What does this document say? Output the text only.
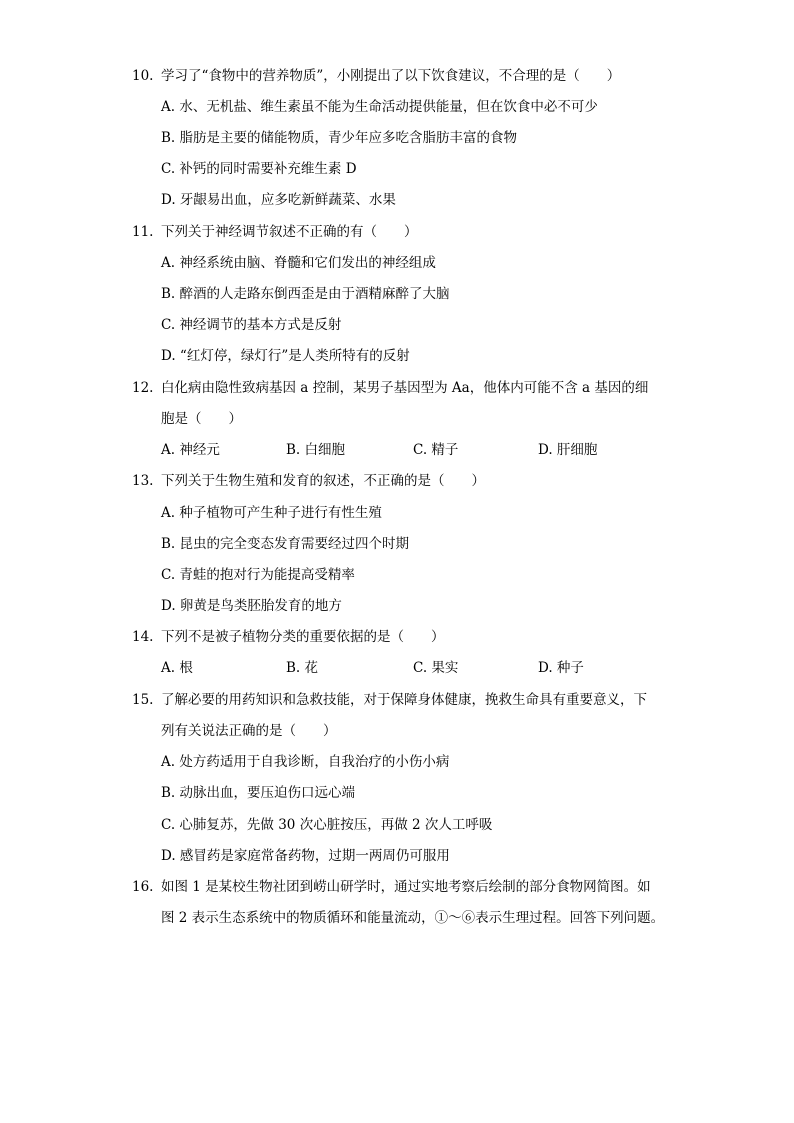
10. 学习了“食物中的营养物质”，小刚提出了以下饮食建议，不合理的是（　　）
A. 水、无机盐、维生素虽不能为生命活动提供能量，但在饮食中必不可少
B. 脂肪是主要的储能物质，青少年应多吃含脂肪丰富的食物
C. 补钙的同时需要补充维生素 D
D. 牙龈易出血，应多吃新鲜蔬菜、水果
11. 下列关于神经调节叙述不正确的有（　　）
A. 神经系统由脑、脊髓和它们发出的神经组成
B. 醉酒的人走路东倒西歪是由于酒精麻醉了大脑
C. 神经调节的基本方式是反射
D. “红灯停，绿灯行”是人类所特有的反射
12. 白化病由隐性致病基因 a 控制，某男子基因型为 Aa，他体内可能不含 a 基因的细
胞是（　　）
A. 神经元	B. 白细胞	C. 精子	D. 肝细胞
13. 下列关于生物生殖和发育的叙述，不正确的是（　　）
A. 种子植物可产生种子进行有性生殖
B. 昆虫的完全变态发育需要经过四个时期
C. 青蛙的抱对行为能提高受精率
D. 卵黄是鸟类胚胎发育的地方
14. 下列不是被子植物分类的重要依据的是（　　）
A. 根	B. 花	C. 果实	D. 种子
15. 了解必要的用药知识和急救技能，对于保障身体健康，挽救生命具有重要意义，下
列有关说法正确的是（　　）
A. 处方药适用于自我诊断，自我治疗的小伤小病
B. 动脉出血，要压迫伤口远心端
C. 心肺复苏，先做 30 次心脏按压，再做 2 次人工呼吸
D. 感冒药是家庭常备药物，过期一两周仍可服用
16. 如图 1 是某校生物社团到崂山研学时，通过实地考察后绘制的部分食物网简图。如
图 2 表示生态系统中的物质循环和能量流动，①～⑥表示生理过程。回答下列问题。
